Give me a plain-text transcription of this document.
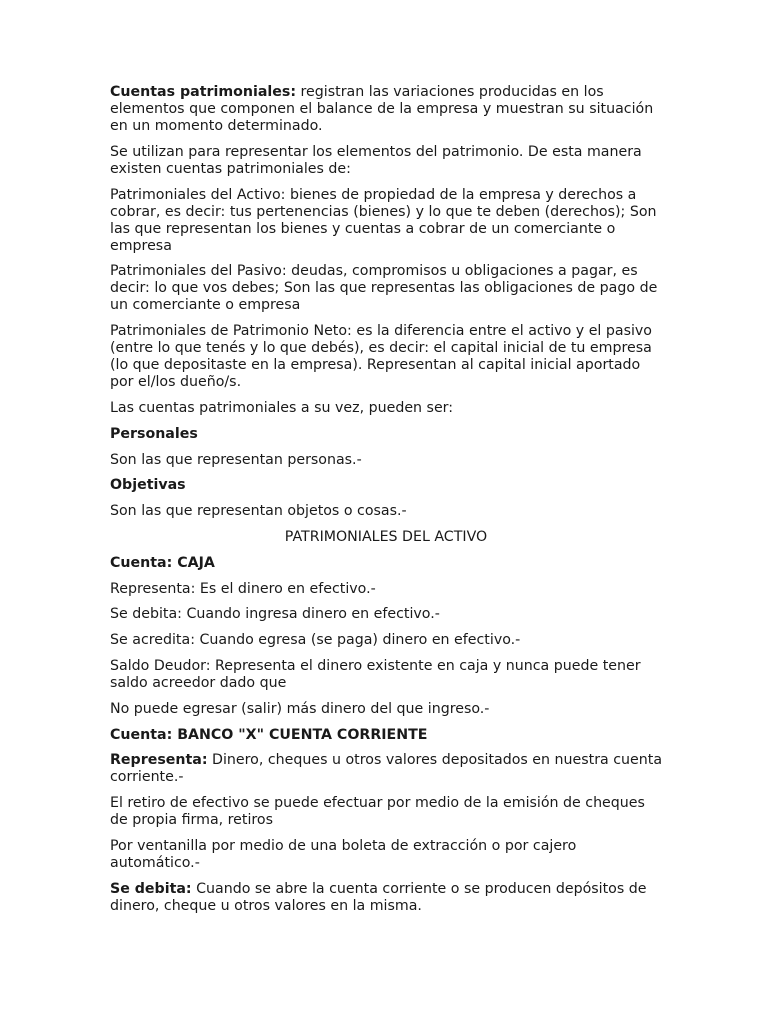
Cuentas patrimoniales: registran las variaciones producidas en los elementos que componen el balance de la empresa y muestran su situación en un momento determinado.

Se utilizan para representar los elementos del patrimonio. De esta manera existen cuentas patrimoniales de:

Patrimoniales del Activo: bienes de propiedad de la empresa y derechos a cobrar, es decir: tus pertenencias (bienes) y lo que te deben (derechos); Son las que representan los bienes y cuentas a cobrar de un comerciante o empresa

Patrimoniales del Pasivo: deudas, compromisos u obligaciones a pagar, es decir: lo que vos debes; Son las que representas las obligaciones de pago de un comerciante o empresa

Patrimoniales de Patrimonio Neto: es la diferencia entre el activo y el pasivo (entre lo que tenés y lo que debés), es decir: el capital inicial de tu empresa (lo que depositaste en la empresa). Representan al capital inicial aportado por el/los dueño/s.

Las cuentas patrimoniales a su vez, pueden ser:

Personales

Son las que representan personas.-

Objetivas

Son las que representan objetos o cosas.-

PATRIMONIALES DEL ACTIVO

Cuenta: CAJA

Representa: Es el dinero en efectivo.-

Se debita: Cuando ingresa dinero en efectivo.-

Se acredita: Cuando egresa (se paga) dinero en efectivo.-

Saldo Deudor: Representa el dinero existente en caja y nunca puede tener saldo acreedor dado que

No puede egresar (salir) más dinero del que ingreso.-

Cuenta: BANCO "X" CUENTA CORRIENTE

Representa: Dinero, cheques u otros valores depositados en nuestra cuenta corriente.-

El retiro de efectivo se puede efectuar por medio de la emisión de cheques de propia firma, retiros

Por ventanilla por medio de una boleta de extracción o por cajero automático.-

Se debita: Cuando se abre la cuenta corriente o se producen depósitos de dinero, cheque u otros valores en la misma.
